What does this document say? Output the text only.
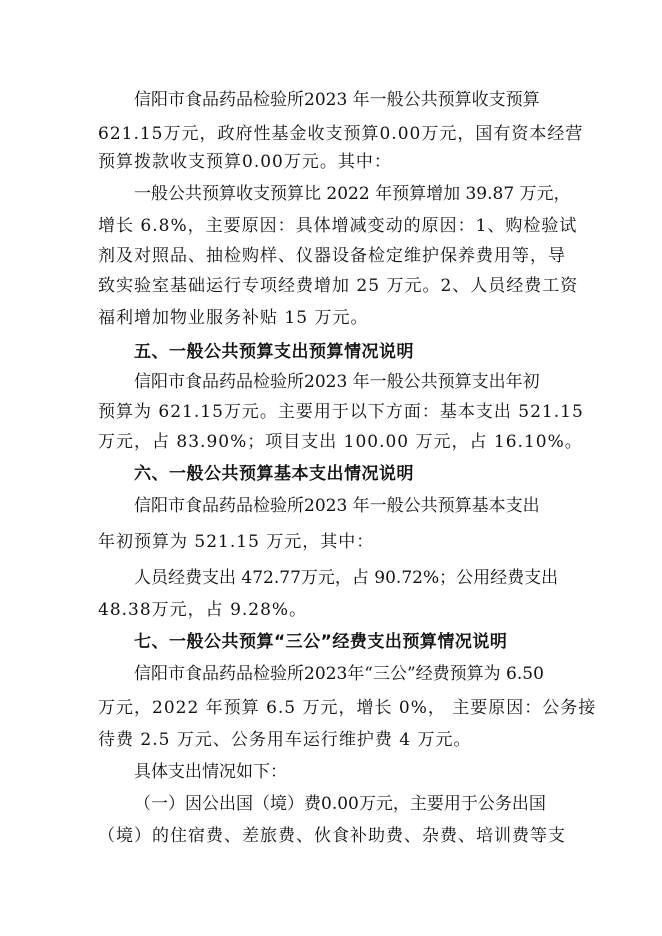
信阳市食品药品检验所2023 年一般公共预算收支预算
621.15万元，政府性基金收支预算0.00万元，国有资本经营
预算拨款收支预算0.00万元。其中：
一般公共预算收支预算比 2022 年预算增加 39.87 万元，
增长 6.8%，主要原因：具体增减变动的原因：1、购检验试
剂及对照品、抽检购样、仪器设备检定维护保养费用等，导
致实验室基础运行专项经费增加 25 万元。2、人员经费工资
福利增加物业服务补贴 15 万元。
五、一般公共预算支出预算情况说明
信阳市食品药品检验所2023 年一般公共预算支出年初
预算为 621.15万元。主要用于以下方面：基本支出 521.15
万元，占 83.90%；项目支出 100.00 万元，占 16.10%。
六、一般公共预算基本支出情况说明
信阳市食品药品检验所2023 年一般公共预算基本支出
年初预算为 521.15 万元，其中：
人员经费支出 472.77万元，占 90.72%；公用经费支出
48.38万元，占 9.28%。
七、一般公共预算“三公”经费支出预算情况说明
信阳市食品药品检验所2023年“三公”经费预算为 6.50
万元，2022 年预算 6.5 万元，增长 0%， 主要原因：公务接
待费 2.5 万元、公务用车运行维护费 4 万元。
具体支出情况如下：
（一）因公出国（境）费0.00万元，主要用于公务出国
（境）的住宿费、差旅费、伙食补助费、杂费、培训费等支
